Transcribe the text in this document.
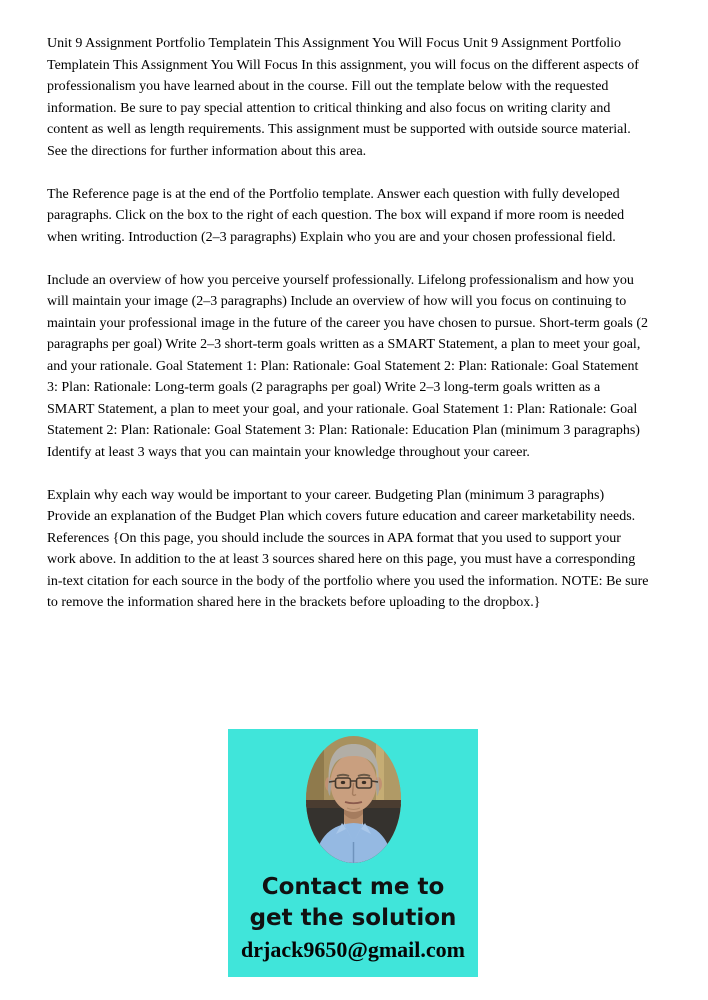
Unit 9 Assignment Portfolio Templatein This Assignment You Will Focus Unit 9 Assignment Portfolio Templatein This Assignment You Will Focus In this assignment, you will focus on the different aspects of professionalism you have learned about in the course. Fill out the template below with the requested information. Be sure to pay special attention to critical thinking and also focus on writing clarity and content as well as length requirements. This assignment must be supported with outside source material. See the directions for further information about this area.

The Reference page is at the end of the Portfolio template. Answer each question with fully developed paragraphs. Click on the box to the right of each question. The box will expand if more room is needed when writing. Introduction (2–3 paragraphs) Explain who you are and your chosen professional field.

Include an overview of how you perceive yourself professionally. Lifelong professionalism and how you will maintain your image (2–3 paragraphs) Include an overview of how will you focus on continuing to maintain your professional image in the future of the career you have chosen to pursue. Short-term goals (2 paragraphs per goal) Write 2–3 short-term goals written as a SMART Statement, a plan to meet your goal, and your rationale. Goal Statement 1: Plan: Rationale: Goal Statement 2: Plan: Rationale: Goal Statement 3: Plan: Rationale: Long-term goals (2 paragraphs per goal) Write 2–3 long-term goals written as a SMART Statement, a plan to meet your goal, and your rationale. Goal Statement 1: Plan: Rationale: Goal Statement 2: Plan: Rationale: Goal Statement 3: Plan: Rationale: Education Plan (minimum 3 paragraphs) Identify at least 3 ways that you can maintain your knowledge throughout your career.

Explain why each way would be important to your career. Budgeting Plan (minimum 3 paragraphs) Provide an explanation of the Budget Plan which covers future education and career marketability needs. References {On this page, you should include the sources in APA format that you used to support your work above. In addition to the at least 3 sources shared here on this page, you must have a corresponding in-text citation for each source in the body of the portfolio where you used the information. NOTE: Be sure to remove the information shared here in the brackets before uploading to the dropbox.}

Contact me to
get the solution
drjack9650@gmail.com
